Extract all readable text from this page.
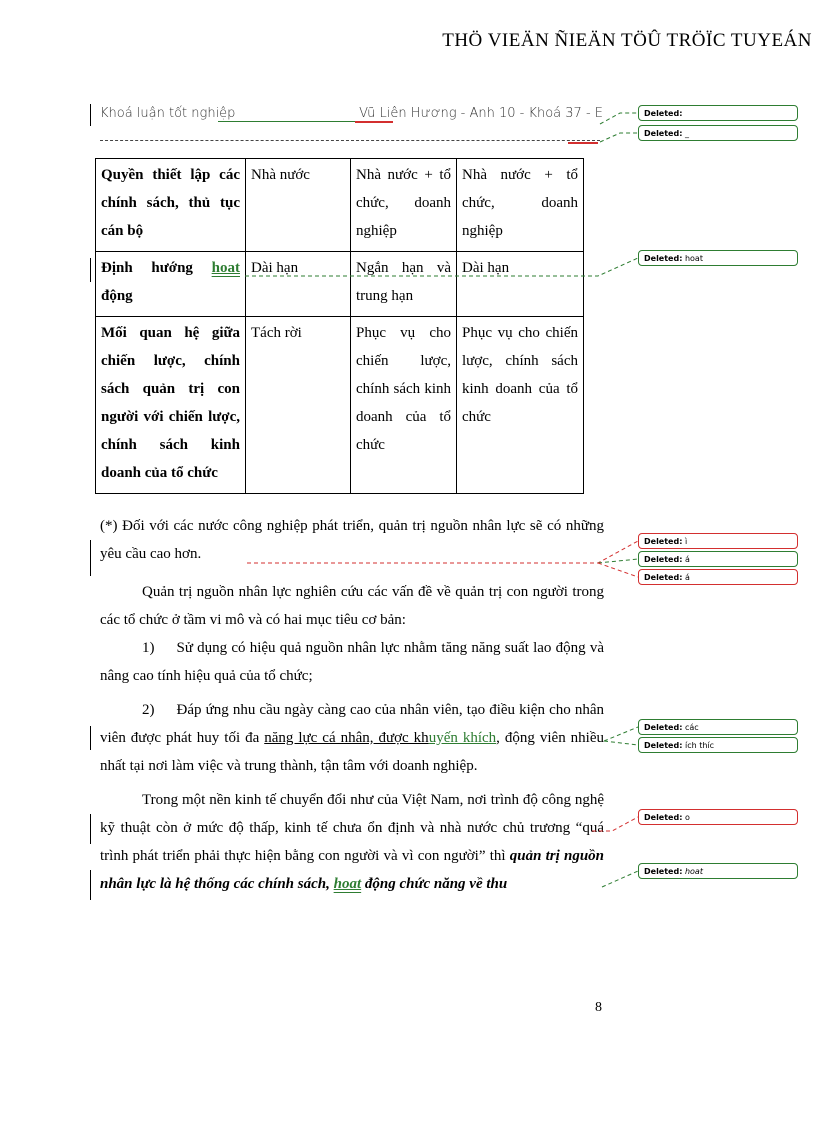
THÖ VIEÄN ÑIEÄN TÖÛ TRÖÏC TUYEÁN
Khoá luận tốt nghiệp	Vũ Liên Hương - Anh 10 - Khoá 37 - E
Quyền thiết lập các chính sách, thủ tục cán bộ	Nhà nước	Nhà nước + tổ chức, doanh nghiệp	Nhà nước + tổ chức, doanh nghiệp
Định hướng hoat động	Dài hạn	Ngắn hạn và trung hạn	Dài hạn
Mối quan hệ giữa chiến lược, chính sách quản trị con người với chiến lược, chính sách kinh doanh của tổ chức	Tách rời	Phục vụ cho chiến lược, chính sách kinh doanh của tổ chức	Phục vụ cho chiến lược, chính sách kinh doanh của tổ chức

(*) Đối với các nước công nghiệp phát triển, quản trị nguồn nhân lực sẽ có những yêu cầu cao hơn.

Quản trị nguồn nhân lực nghiên cứu các vấn đề về quản trị con người trong các tổ chức ở tầm vi mô và có hai mục tiêu cơ bản:

1) Sử dụng có hiệu quả nguồn nhân lực nhằm tăng năng suất lao động và nâng cao tính hiệu quả của tổ chức;

2) Đáp ứng nhu cầu ngày càng cao của nhân viên, tạo điều kiện cho nhân viên được phát huy tối đa năng lực cá nhân, được khuyến khích, động viên nhiều nhất tại nơi làm việc và trung thành, tận tâm với doanh nghiệp.

Trong một nền kinh tế chuyển đổi như của Việt Nam, nơi trình độ công nghệ kỹ thuật còn ở mức độ thấp, kinh tế chưa ổn định và nhà nước chủ trương “quá trình phát triển phải thực hiện bằng con người và vì con người” thì quản trị nguồn nhân lực là hệ thống các chính sách, hoat động chức năng về thu

8
Deleted:
Deleted: _
Deleted: hoat
Deleted: ì
Deleted: á
Deleted: á
Deleted: các
Deleted: ích thíc
Deleted: o
Deleted: hoat
